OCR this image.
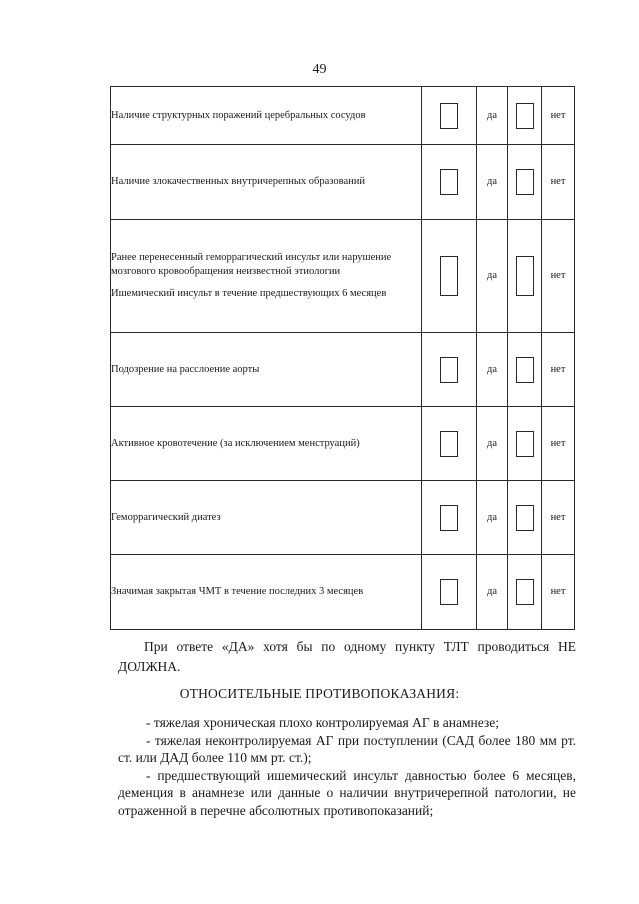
49
Наличие структурных поражений церебральных сосудов		да		нет

Наличие злокачественных внутричерепных образований		да		нет

Ранее перенесенный геморрагический инсульт или нарушение мозгового кровообращения неизвестной этиологии
Ишемический инсульт в течение предшествующих 6 месяцев		да		нет

Подозрение на расслоение аорты		да		нет

Активное кровотечение (за исключением менструаций)		да		нет

Геморрагический диатез		да		нет

Значимая закрытая ЧМТ в течение последних 3 месяцев		да		нет

При ответе «ДА» хотя бы по одному пункту ТЛТ проводиться НЕ ДОЛЖНА.

ОТНОСИТЕЛЬНЫЕ ПРОТИВОПОКАЗАНИЯ:

- тяжелая хроническая плохо контролируемая АГ в анамнезе;

- тяжелая неконтролируемая АГ при поступлении (САД более 180 мм рт. ст. или ДАД более 110 мм рт. ст.);

- предшествующий ишемический инсульт давностью более 6 месяцев, деменция в анамнезе или данные о наличии внутричерепной патологии, не отраженной в перечне абсолютных противопоказаний;
